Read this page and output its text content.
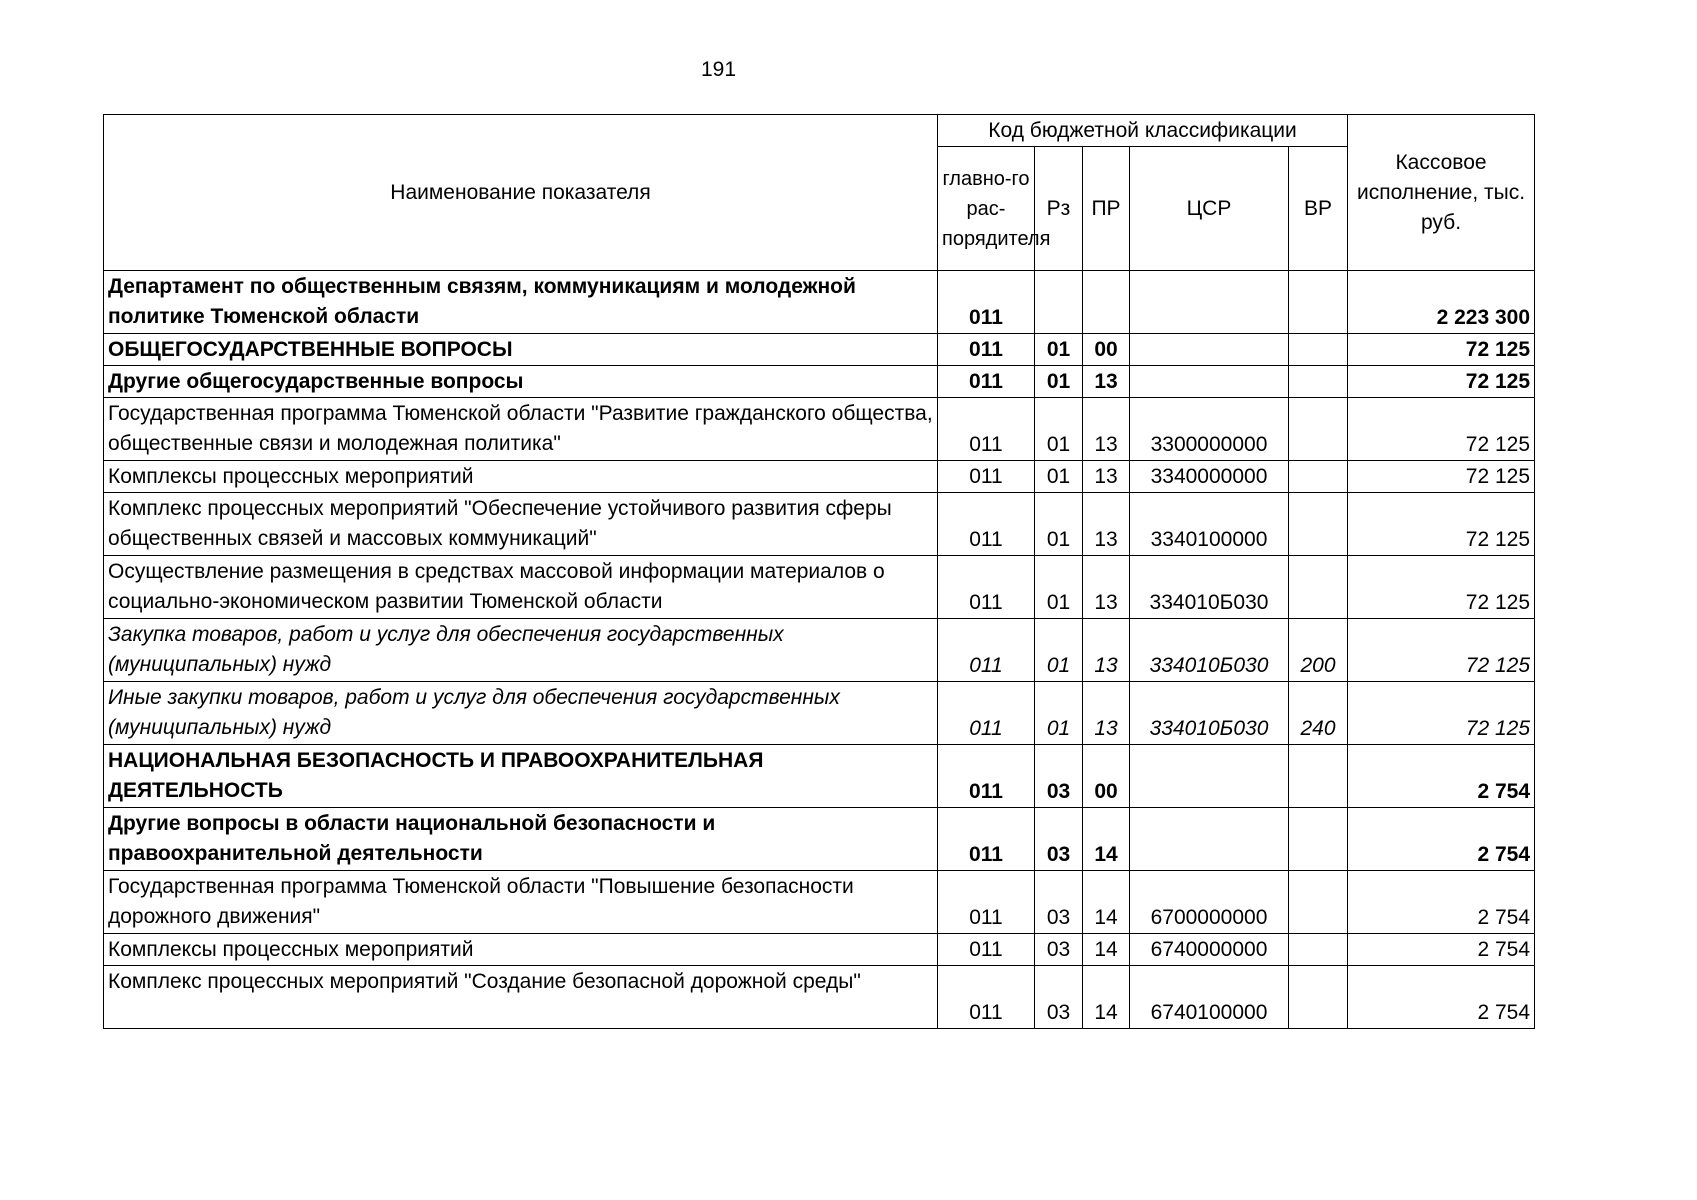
191
Наименование показателя	Код бюджетной классификации					Кассовое исполнение, тыс. руб.
	главно-го рас-порядителя	Рз	ПР	ЦСР	ВР	
Департамент по общественным связям, коммуникациям и молодежной политике Тюменской области	011					2 223 300
ОБЩЕГОСУДАРСТВЕННЫЕ ВОПРОСЫ	011	01	00			72 125
Другие общегосударственные вопросы	011	01	13			72 125
Государственная программа Тюменской области "Развитие гражданского общества, общественные связи и молодежная политика"	011	01	13	3300000000		72 125
Комплексы процессных мероприятий	011	01	13	3340000000		72 125
Комплекс процессных мероприятий "Обеспечение устойчивого развития сферы общественных связей и массовых коммуникаций"	011	01	13	3340100000		72 125
Осуществление размещения в средствах массовой информации материалов о социально-экономическом развитии Тюменской области	011	01	13	334010Б030		72 125
Закупка товаров, работ и услуг для обеспечения государственных (муниципальных) нужд	011	01	13	334010Б030	200	72 125
Иные закупки товаров, работ и услуг для обеспечения государственных (муниципальных) нужд	011	01	13	334010Б030	240	72 125
НАЦИОНАЛЬНАЯ БЕЗОПАСНОСТЬ И ПРАВООХРАНИТЕЛЬНАЯ ДЕЯТЕЛЬНОСТЬ	011	03	00			2 754
Другие вопросы в области национальной безопасности и правоохранительной деятельности	011	03	14			2 754
Государственная программа Тюменской области "Повышение безопасности дорожного движения"	011	03	14	6700000000		2 754
Комплексы процессных мероприятий	011	03	14	6740000000		2 754
Комплекс процессных мероприятий "Создание безопасной дорожной среды"	011	03	14	6740100000		2 754
